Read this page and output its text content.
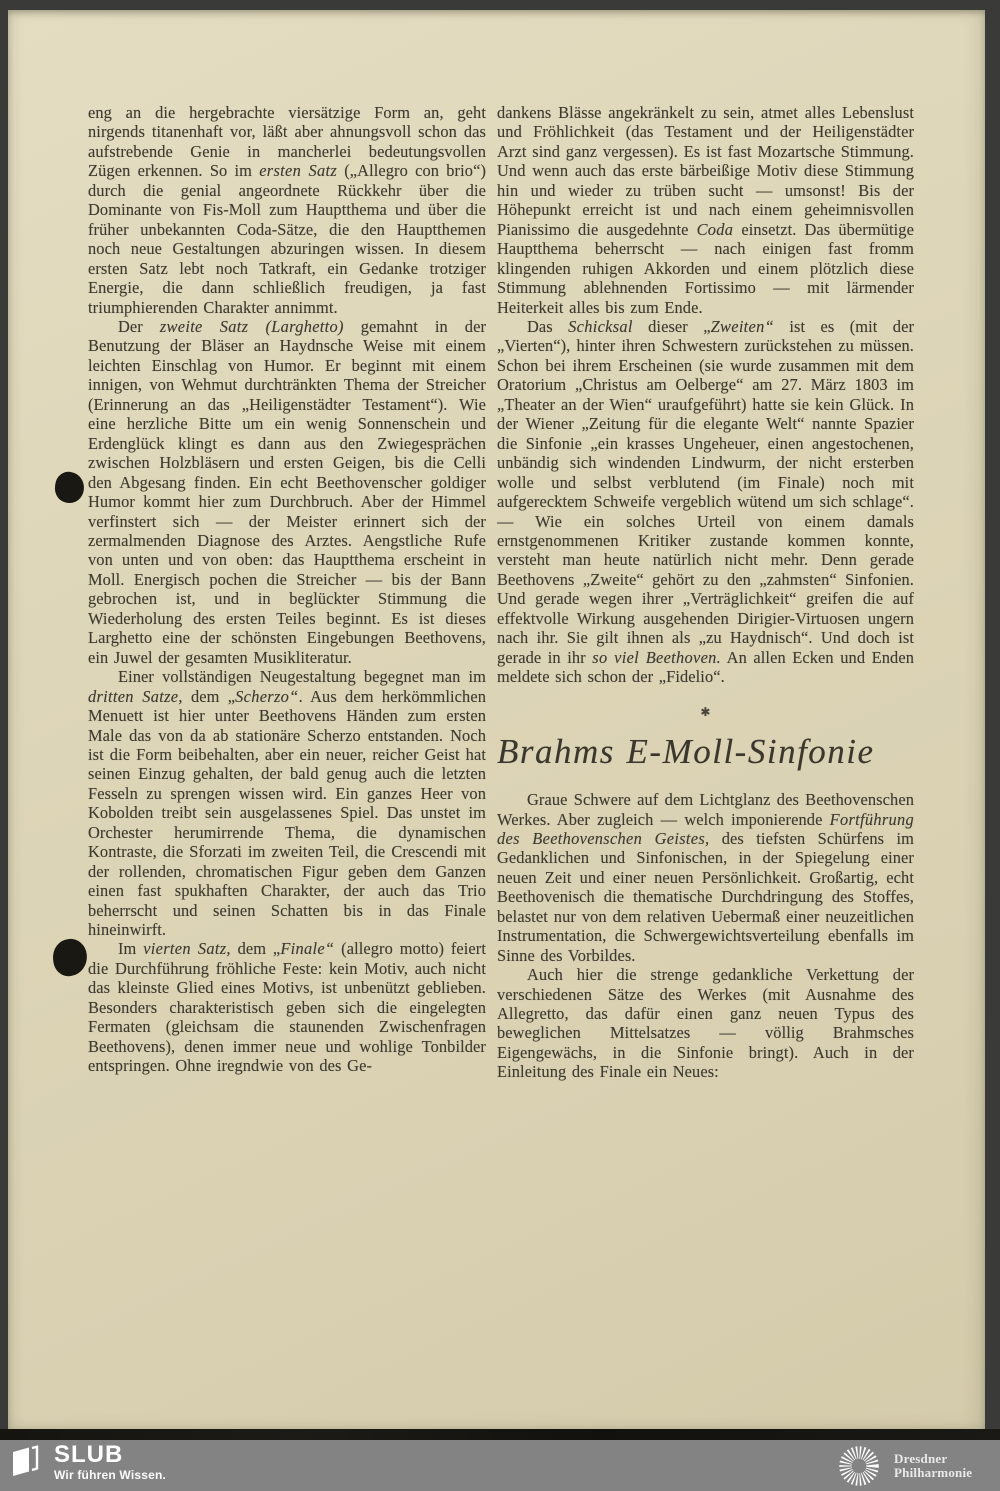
eng an die hergebrachte viersätzige Form an, geht nirgends titanenhaft vor, läßt aber ahnungsvoll schon das aufstrebende Genie in mancherlei bedeutungsvollen Zügen erkennen. So im ersten Satz („Allegro con brio“) durch die genial angeordnete Rückkehr über die Dominante von Fis-Moll zum Hauptthema und über die früher unbekannten Coda-Sätze, die den Hauptthemen noch neue Gestaltungen abzuringen wissen. In diesem ersten Satz lebt noch Tatkraft, ein Gedanke trotziger Energie, die dann schließlich freudigen, ja fast triumphierenden Charakter annimmt.

Der zweite Satz (Larghetto) gemahnt in der Benutzung der Bläser an Haydnsche Weise mit einem leichten Einschlag von Humor. Er beginnt mit einem innigen, von Wehmut durchtränkten Thema der Streicher (Erinnerung an das „Heiligenstädter Testament“). Wie eine herzliche Bitte um ein wenig Sonnenschein und Erdenglück klingt es dann aus den Zwiegesprächen zwischen Holzbläsern und ersten Geigen, bis die Celli den Abgesang finden. Ein echt Beethovenscher goldiger Humor kommt hier zum Durchbruch. Aber der Himmel verfinstert sich — der Meister erinnert sich der zermalmenden Diagnose des Arztes. Aengstliche Rufe von unten und von oben: das Hauptthema erscheint in Moll. Energisch pochen die Streicher — bis der Bann gebrochen ist, und in beglückter Stimmung die Wiederholung des ersten Teiles beginnt. Es ist dieses Larghetto eine der schönsten Eingebungen Beethovens, ein Juwel der gesamten Musikliteratur.

Einer vollständigen Neugestaltung begegnet man im dritten Satze, dem „Scherzo“. Aus dem herkömmlichen Menuett ist hier unter Beethovens Händen zum ersten Male das von da ab stationäre Scherzo entstanden. Noch ist die Form beibehalten, aber ein neuer, reicher Geist hat seinen Einzug gehalten, der bald genug auch die letzten Fesseln zu sprengen wissen wird. Ein ganzes Heer von Kobolden treibt sein ausgelassenes Spiel. Das unstet im Orchester herumirrende Thema, die dynamischen Kontraste, die Sforzati im zweiten Teil, die Crescendi mit der rollenden, chromatischen Figur geben dem Ganzen einen fast spukhaften Charakter, der auch das Trio beherrscht und seinen Schatten bis in das Finale hineinwirft.

Im vierten Satz, dem „Finale“ (allegro motto) feiert die Durchführung fröhliche Feste: kein Motiv, auch nicht das kleinste Glied eines Motivs, ist unbenützt geblieben. Besonders charakteristisch geben sich die eingelegten Fermaten (gleichsam die staunenden Zwischenfragen Beethovens), denen immer neue und wohlige Tonbilder entspringen. Ohne iregndwie von des Ge-

dankens Blässe angekränkelt zu sein, atmet alles Lebenslust und Fröhlichkeit (das Testament und der Heiligenstädter Arzt sind ganz vergessen). Es ist fast Mozartsche Stimmung. Und wenn auch das erste bärbeißige Motiv diese Stimmung hin und wieder zu trüben sucht — umsonst! Bis der Höhepunkt erreicht ist und nach einem geheimnisvollen Pianissimo die ausgedehnte Coda einsetzt. Das übermütige Hauptthema beherrscht — nach einigen fast fromm klingenden ruhigen Akkorden und einem plötzlich diese Stimmung ablehnenden Fortissimo — mit lärmender Heiterkeit alles bis zum Ende.

Das Schicksal dieser „Zweiten“ ist es (mit der „Vierten“), hinter ihren Schwestern zurückstehen zu müssen. Schon bei ihrem Erscheinen (sie wurde zusammen mit dem Oratorium „Christus am Oelberge“ am 27. März 1803 im „Theater an der Wien“ uraufgeführt) hatte sie kein Glück. In der Wiener „Zeitung für die elegante Welt“ nannte Spazier die Sinfonie „ein krasses Ungeheuer, einen angestochenen, unbändig sich windenden Lindwurm, der nicht ersterben wolle und selbst verblutend (im Finale) noch mit aufgerecktem Schweife vergeblich wütend um sich schlage“. — Wie ein solches Urteil von einem damals ernstgenommenen Kritiker zustande kommen konnte, versteht man heute natürlich nicht mehr. Denn gerade Beethovens „Zweite“ gehört zu den „zahmsten“ Sinfonien. Und gerade wegen ihrer „Verträglichkeit“ greifen die auf effektvolle Wirkung ausgehenden Dirigier-Virtuosen ungern nach ihr. Sie gilt ihnen als „zu Haydnisch“. Und doch ist gerade in ihr so viel Beethoven. An allen Ecken und Enden meldete sich schon der „Fidelio“.

✱
Brahms E-Moll-Sinfonie

Graue Schwere auf dem Lichtglanz des Beethovenschen Werkes. Aber zugleich — welch imponierende Fortführung des Beethovenschen Geistes, des tiefsten Schürfens im Gedanklichen und Sinfonischen, in der Spiegelung einer neuen Zeit und einer neuen Persönlichkeit. Großartig, echt Beethovenisch die thematische Durchdringung des Stoffes, belastet nur von dem relativen Uebermaß einer neuzeitlichen Instrumentation, die Schwergewichtsverteilung ebenfalls im Sinne des Vorbildes.

Auch hier die strenge gedankliche Verkettung der verschiedenen Sätze des Werkes (mit Ausnahme des Allegretto, das dafür einen ganz neuen Typus des beweglichen Mittelsatzes — völlig Brahmsches Eigengewächs, in die Sinfonie bringt). Auch in der Einleitung des Finale ein Neues:

SLUB
Wir führen Wissen.
Dresdner
Philharmonie
